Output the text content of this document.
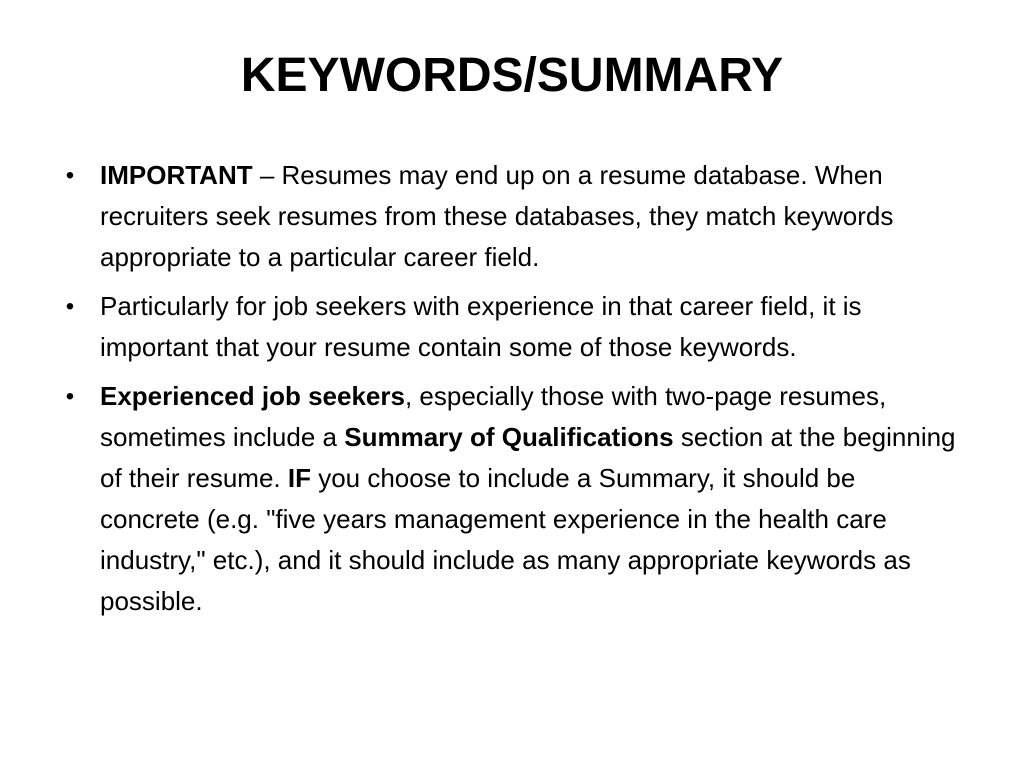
KEYWORDS/SUMMARY
• IMPORTANT – Resumes may end up on a resume database. When recruiters seek resumes from these databases, they match keywords appropriate to a particular career field.
• Particularly for job seekers with experience in that career field, it is important that your resume contain some of those keywords.
• Experienced job seekers, especially those with two-page resumes, sometimes include a Summary of Qualifications section at the beginning of their resume. IF you choose to include a Summary, it should be concrete (e.g. "five years management experience in the health care industry," etc.), and it should include as many appropriate keywords as possible.
